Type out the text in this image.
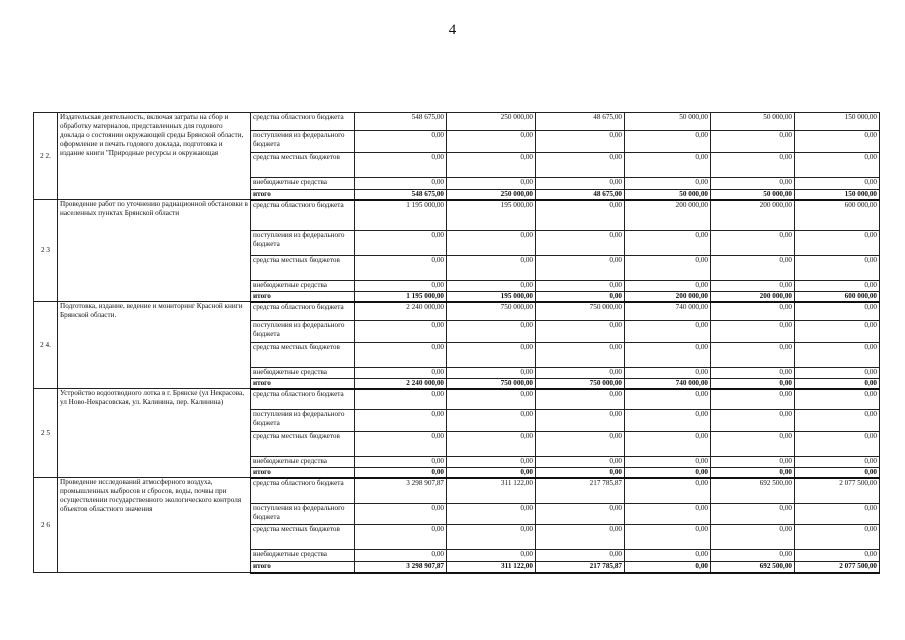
4
2 2.	Издательская деятельность, включая затраты на сбор и обработку материалов, представленных для годового доклада о состоянии окружающей среды Брянской области, оформление и печать годового доклада, подготовка и издание книги "Природные ресурсы и окружающая	средства областного бюджета	548 675,00	250 000,00	48 675,00	50 000,00	50 000,00	150 000,00
		поступления из федерального бюджета	0,00	0,00	0,00	0,00	0,00	0,00
		средства местных бюджетов	0,00	0,00	0,00	0,00	0,00	0,00
		внебюджетные средства	0,00	0,00	0,00	0,00	0,00	0,00
		итого	548 675,00	250 000,00	48 675,00	50 000,00	50 000,00	150 000,00
2 3	Проведение работ по уточнению радиационной обстановки в населенных пунктах Брянской области	средства областного бюджета	1 195 000,00	195 000,00	0,00	200 000,00	200 000,00	600 000,00
		поступления из федерального бюджета	0,00	0,00	0,00	0,00	0,00	0,00
		средства местных бюджетов	0,00	0,00	0,00	0,00	0,00	0,00
		внебюджетные средства	0,00	0,00	0,00	0,00	0,00	0,00
		итого	1 195 000,00	195 000,00	0,00	200 000,00	200 000,00	600 000,00
2 4.	Подготовка, издание, ведение и мониторинг Красной книги Брянской области.	средства областного бюджета	2 240 000,00	750 000,00	750 000,00	740 000,00	0,00	0,00
		поступления из федерального бюджета	0,00	0,00	0,00	0,00	0,00	0,00
		средства местных бюджетов	0,00	0,00	0,00	0,00	0,00	0,00
		внебюджетные средства	0,00	0,00	0,00	0,00	0,00	0,00
		итого	2 240 000,00	750 000,00	750 000,00	740 000,00	0,00	0,00
2 5	Устройство водоотводного лотка в г. Брянске (ул Некрасова, ул Ново-Некрасовская, ул. Калинина, пер. Калинина)	средства областного бюджета	0,00	0,00	0,00	0,00	0,00	0,00
		поступления из федерального бюджета	0,00	0,00	0,00	0,00	0,00	0,00
		средства местных бюджетов	0,00	0,00	0,00	0,00	0,00	0,00
		внебюджетные средства	0,00	0,00	0,00	0,00	0,00	0,00
		итого	0,00	0,00	0,00	0,00	0,00	0,00
2 6	Проведение исследований атмосферного воздуха, промышленных выбросов и сбросов, воды, почвы при осуществлении государственного экологического контроля объектов областного значения	средства областного бюджета	3 298 907,87	311 122,00	217 785,87	0,00	692 500,00	2 077 500,00
		поступления из федерального бюджета	0,00	0,00	0,00	0,00	0,00	0,00
		средства местных бюджетов	0,00	0,00	0,00	0,00	0,00	0,00
		внебюджетные средства	0,00	0,00	0,00	0,00	0,00	0,00
		итого	3 298 907,87	311 122,00	217 785,87	0,00	692 500,00	2 077 500,00
